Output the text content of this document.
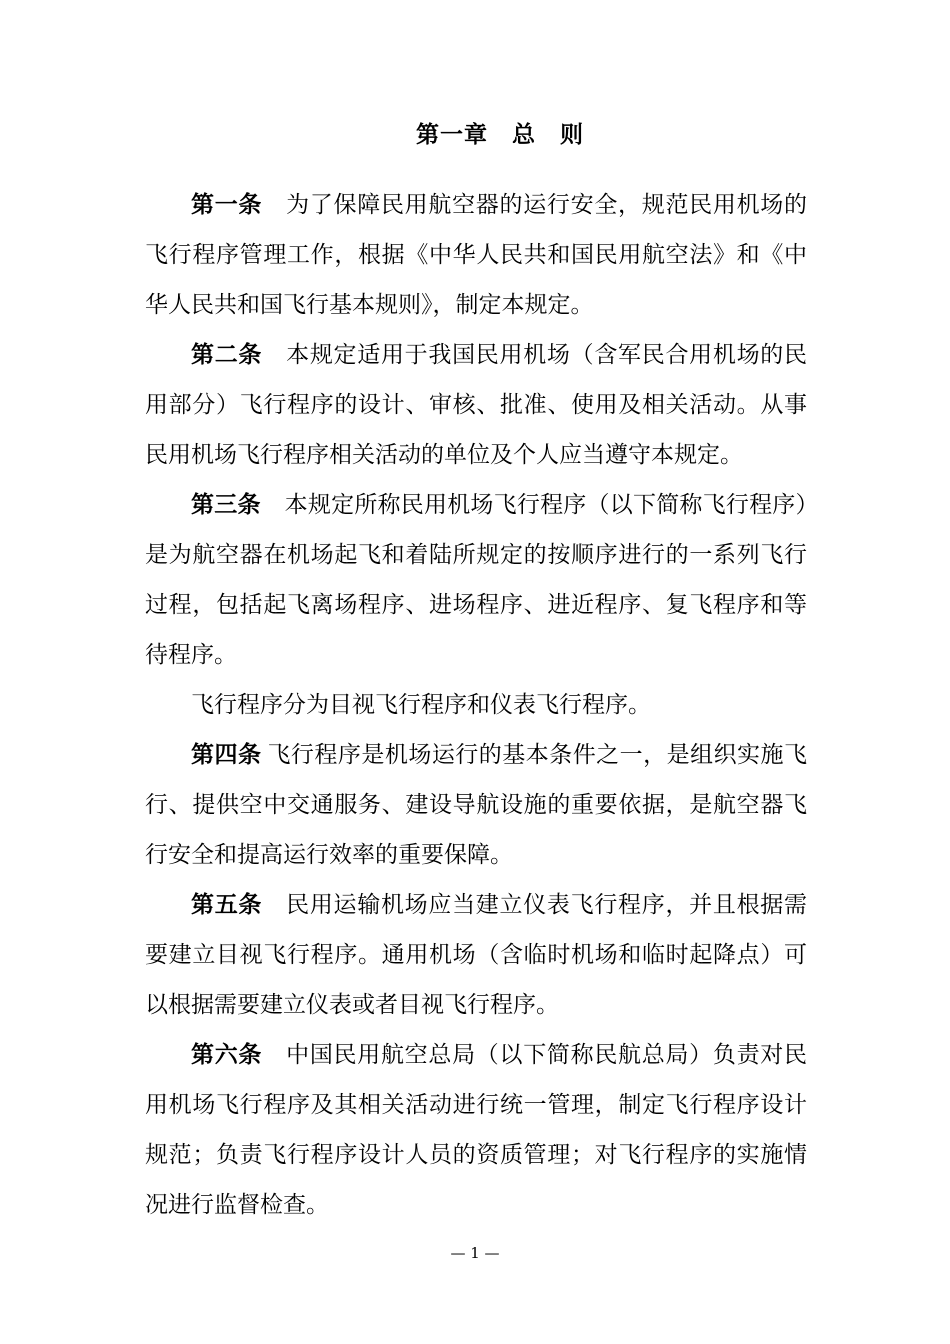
第一章　总　则

第一条 为了保障民用航空器的运行安全，规范民用机场的飞行程序管理工作，根据《中华人民共和国民用航空法》和《中华人民共和国飞行基本规则》，制定本规定。

第二条 本规定适用于我国民用机场（含军民合用机场的民用部分）飞行程序的设计、审核、批准、使用及相关活动。从事民用机场飞行程序相关活动的单位及个人应当遵守本规定。

第三条 本规定所称民用机场飞行程序（以下简称飞行程序）是为航空器在机场起飞和着陆所规定的按顺序进行的一系列飞行过程，包括起飞离场程序、进场程序、进近程序、复飞程序和等待程序。

飞行程序分为目视飞行程序和仪表飞行程序。

第四条 飞行程序是机场运行的基本条件之一，是组织实施飞行、提供空中交通服务、建设导航设施的重要依据，是航空器飞行安全和提高运行效率的重要保障。

第五条 民用运输机场应当建立仪表飞行程序，并且根据需要建立目视飞行程序。通用机场（含临时机场和临时起降点）可以根据需要建立仪表或者目视飞行程序。

第六条 中国民用航空总局（以下简称民航总局）负责对民用机场飞行程序及其相关活动进行统一管理，制定飞行程序设计规范；负责飞行程序设计人员的资质管理；对飞行程序的实施情况进行监督检查。

— 1 —
